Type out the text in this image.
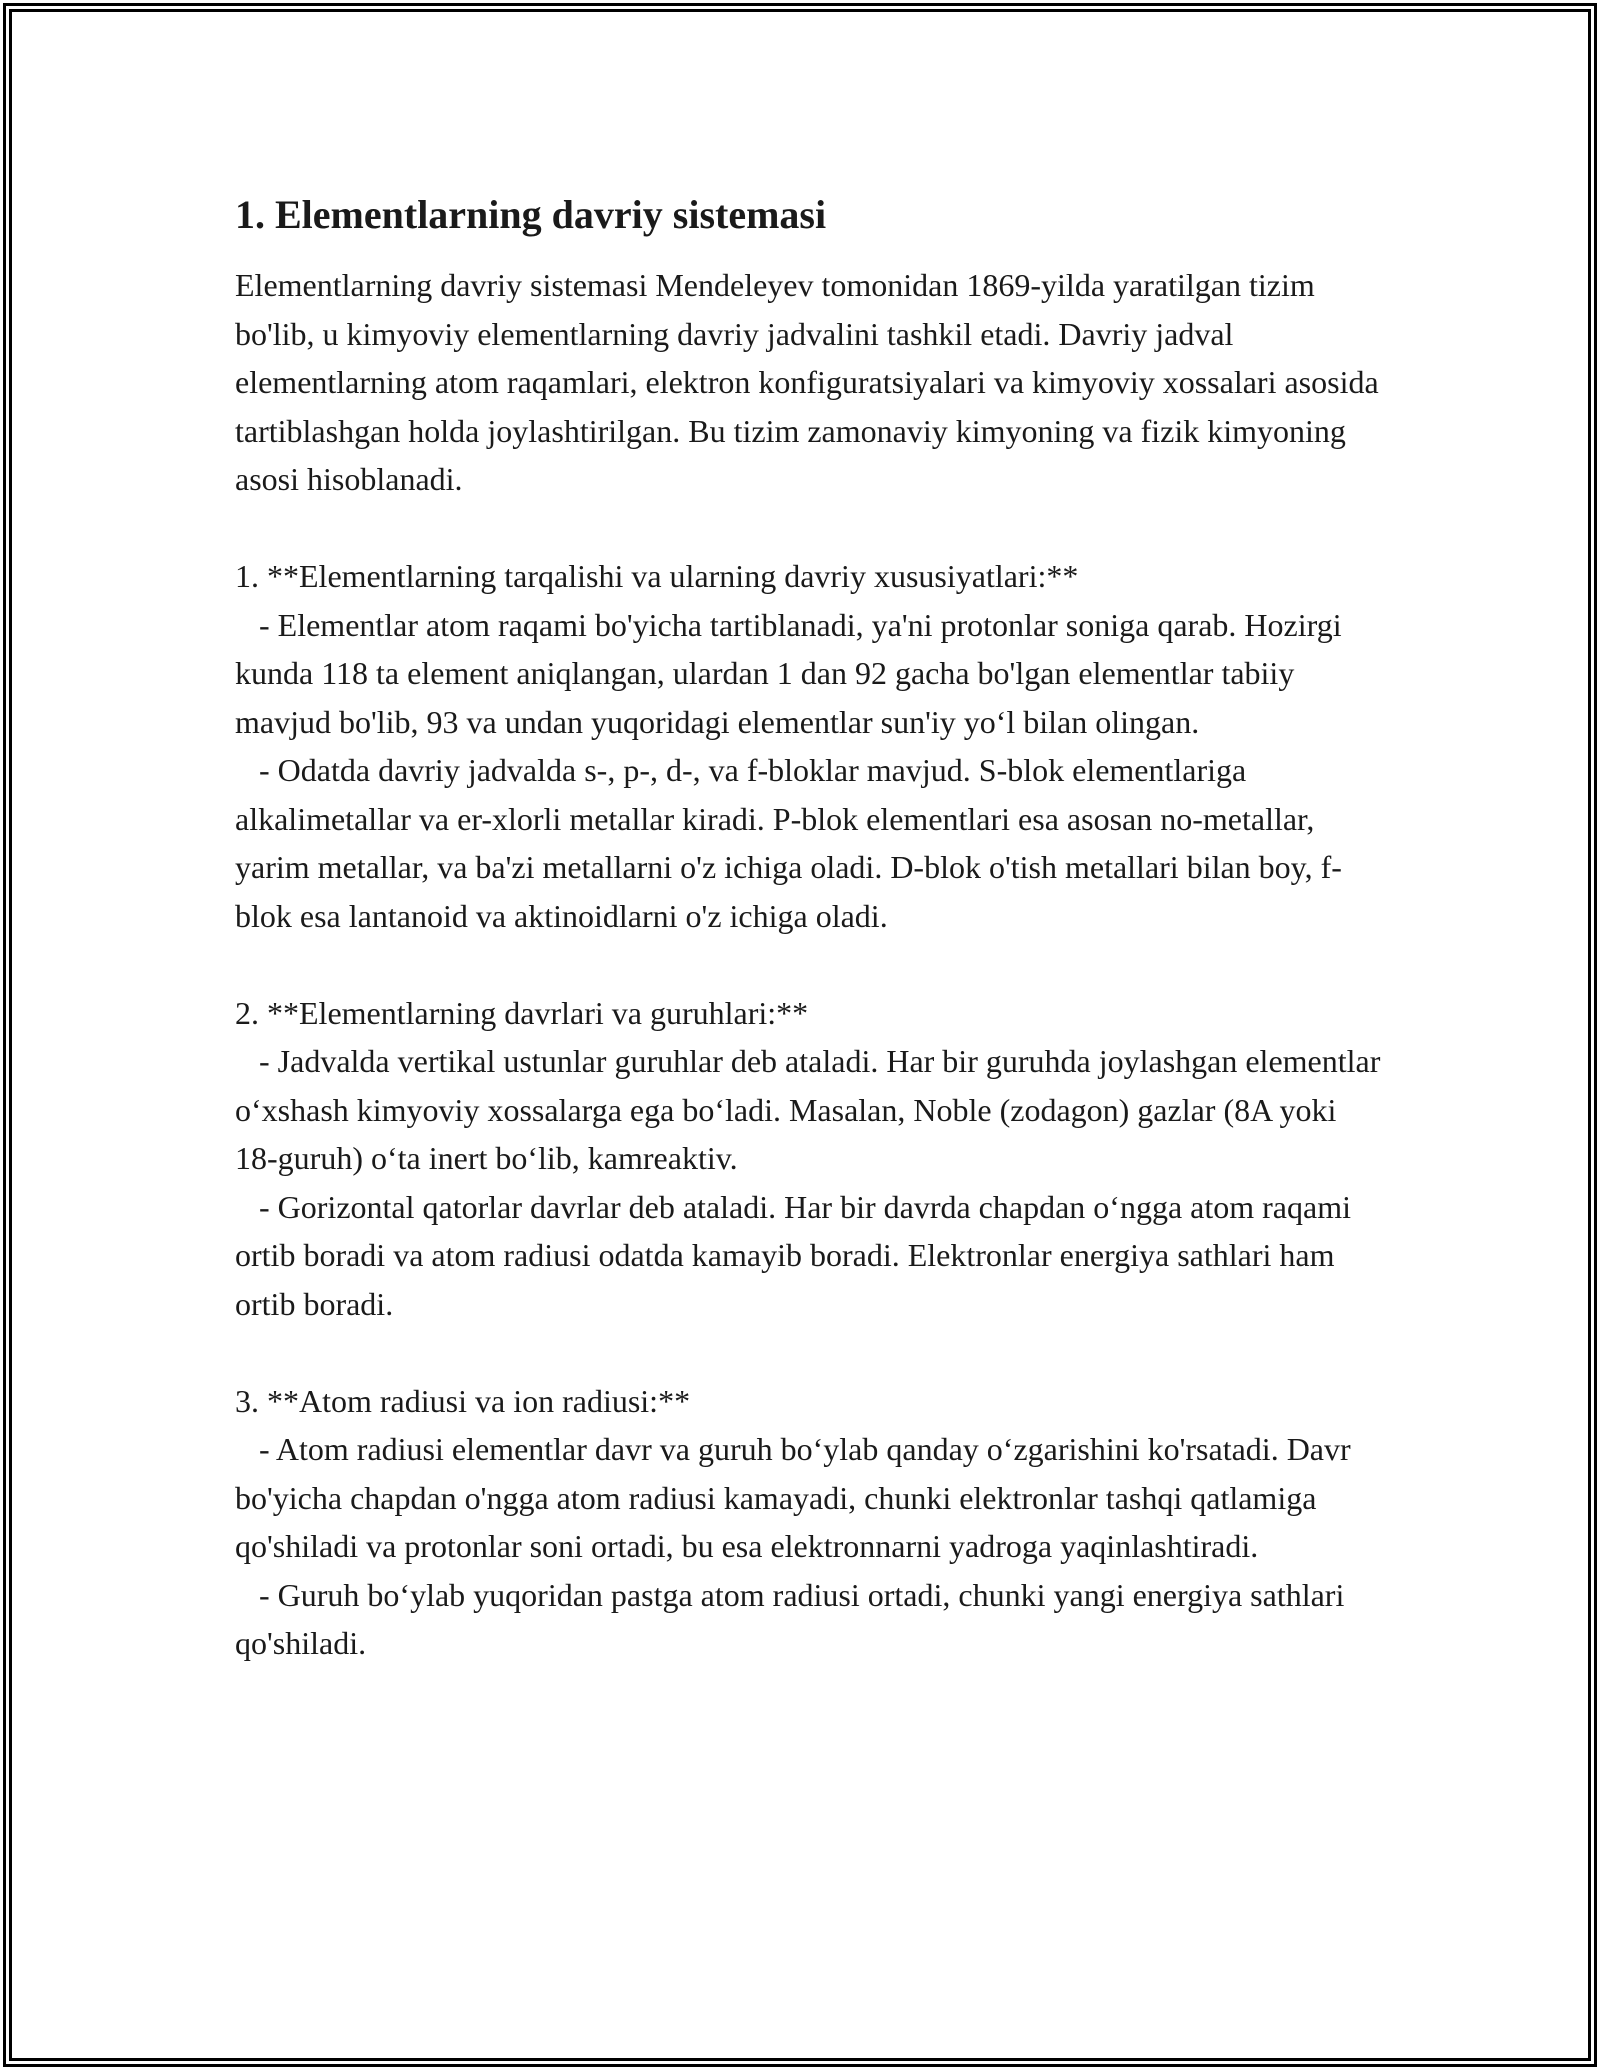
1. Elementlarning davriy sistemasi

Elementlarning davriy sistemasi Mendeleyev tomonidan 1869-yilda yaratilgan tizim bo'lib, u kimyoviy elementlarning davriy jadvalini tashkil etadi. Davriy jadval elementlarning atom raqamlari, elektron konfiguratsiyalari va kimyoviy xossalari asosida tartiblashgan holda joylashtirilgan. Bu tizim zamonaviy kimyoning va fizik kimyoning asosi hisoblanadi.

1. **Elementlarning tarqalishi va ularning davriy xususiyatlari:**

- Elementlar atom raqami bo'yicha tartiblanadi, ya'ni protonlar soniga qarab. Hozirgi kunda 118 ta element aniqlangan, ulardan 1 dan 92 gacha bo'lgan elementlar tabiiy mavjud bo'lib, 93 va undan yuqoridagi elementlar sun'iy yo‘l bilan olingan.

- Odatda davriy jadvalda s-, p-, d-, va f-bloklar mavjud. S-blok elementlariga alkalimetallar va er-xlorli metallar kiradi. P-blok elementlari esa asosan no-metallar, yarim metallar, va ba'zi metallarni o'z ichiga oladi. D-blok o'tish metallari bilan boy, f-blok esa lantanoid va aktinoidlarni o'z ichiga oladi.

2. **Elementlarning davrlari va guruhlari:**

- Jadvalda vertikal ustunlar guruhlar deb ataladi. Har bir guruhda joylashgan elementlar o‘xshash kimyoviy xossalarga ega bo‘ladi. Masalan, Noble (zodagon) gazlar (8A yoki 18-guruh) o‘ta inert bo‘lib, kamreaktiv.

- Gorizontal qatorlar davrlar deb ataladi. Har bir davrda chapdan o‘ngga atom raqami ortib boradi va atom radiusi odatda kamayib boradi. Elektronlar energiya sathlari ham ortib boradi.

3. **Atom radiusi va ion radiusi:**

- Atom radiusi elementlar davr va guruh bo‘ylab qanday o‘zgarishini ko'rsatadi. Davr bo'yicha chapdan o'ngga atom radiusi kamayadi, chunki elektronlar tashqi qatlamiga qo'shiladi va protonlar soni ortadi, bu esa elektronnarni yadroga yaqinlashtiradi.

- Guruh bo‘ylab yuqoridan pastga atom radiusi ortadi, chunki yangi energiya sathlari qo'shiladi.
